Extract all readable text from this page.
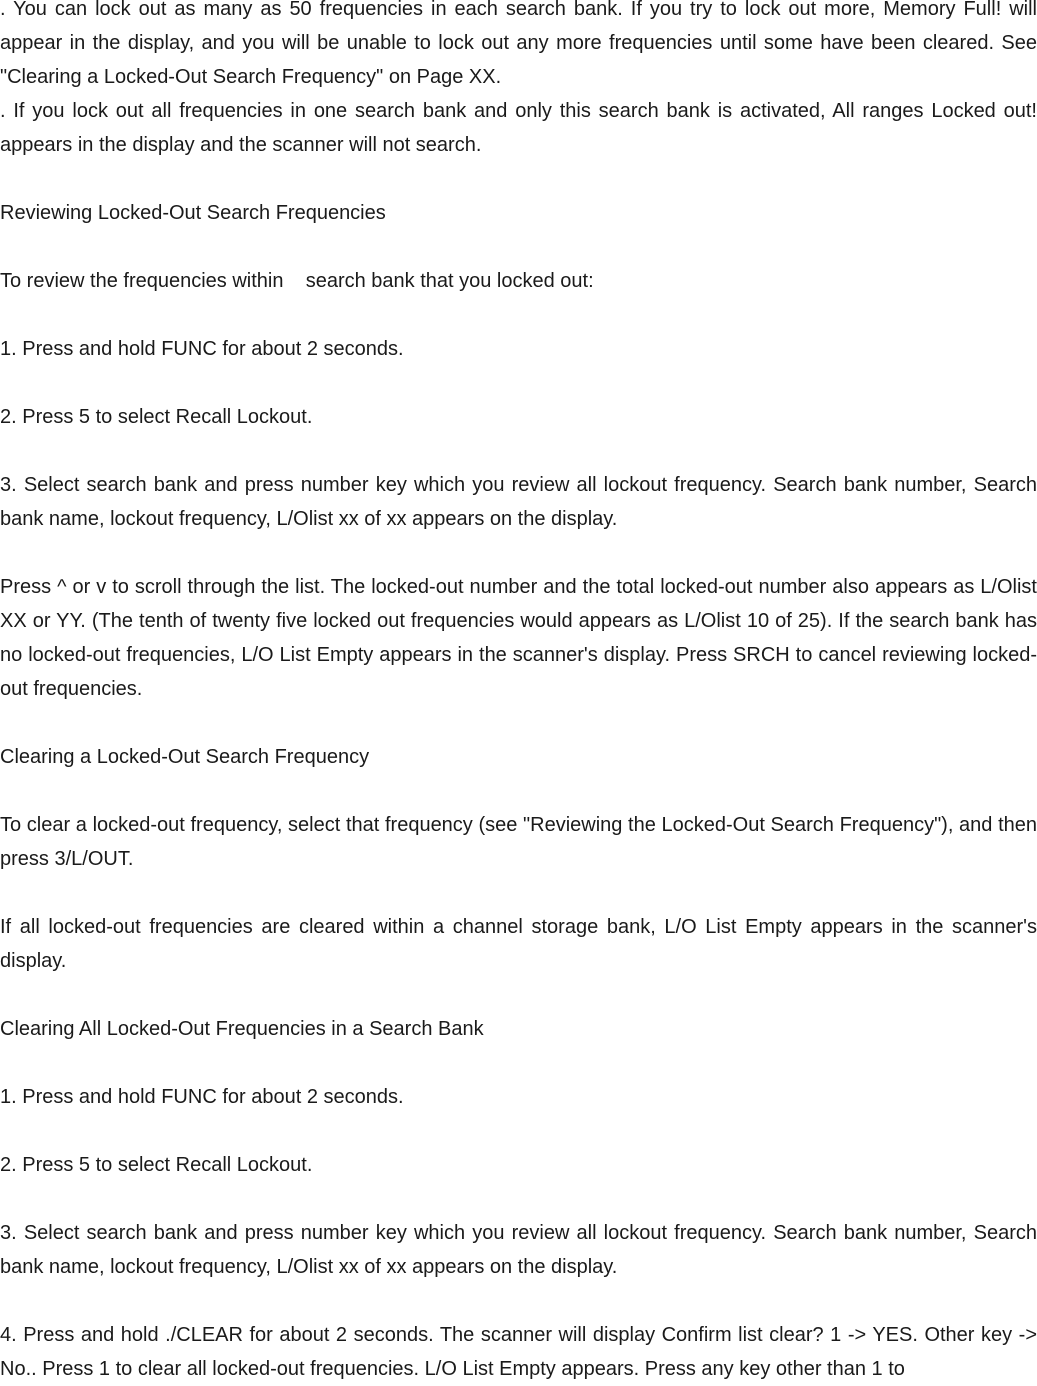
. You can lock out as many as 50 frequencies in each search bank. If you try to lock out more, Memory Full! will appear in the display, and you will be unable to lock out any more frequencies until some have been cleared. See "Clearing a Locked-Out Search Frequency" on Page XX.

. If you lock out all frequencies in one search bank and only this search bank is activated, All ranges Locked out! appears in the display and the scanner will not search.

Reviewing Locked-Out Search Frequencies

To review the frequencies within    search bank that you locked out:

1. Press and hold FUNC for about 2 seconds.

2. Press 5 to select Recall Lockout.

3. Select search bank and press number key which you review all lockout frequency. Search bank number, Search bank name, lockout frequency, L/Olist xx of xx appears on the display.

Press ^ or v to scroll through the list. The locked-out number and the total locked-out number also appears as L/Olist XX or YY. (The tenth of twenty five locked out frequencies would appears as L/Olist 10 of 25). If the search bank has no locked-out frequencies, L/O List Empty appears in the scanner's display. Press SRCH to cancel reviewing locked-out frequencies.

Clearing a Locked-Out Search Frequency

To clear a locked-out frequency, select that frequency (see "Reviewing the Locked-Out Search Frequency"), and then press 3/L/OUT.

If all locked-out frequencies are cleared within a channel storage bank, L/O List Empty appears in the scanner's display.

Clearing All Locked-Out Frequencies in a Search Bank

1. Press and hold FUNC for about 2 seconds.

2. Press 5 to select Recall Lockout.

3. Select search bank and press number key which you review all lockout frequency. Search bank number, Search bank name, lockout frequency, L/Olist xx of xx appears on the display.

4. Press and hold ./CLEAR for about 2 seconds. The scanner will display Confirm list clear? 1 -> YES. Other key -> No.. Press 1 to clear all locked-out frequencies. L/O List Empty appears. Press any key other than 1 to
